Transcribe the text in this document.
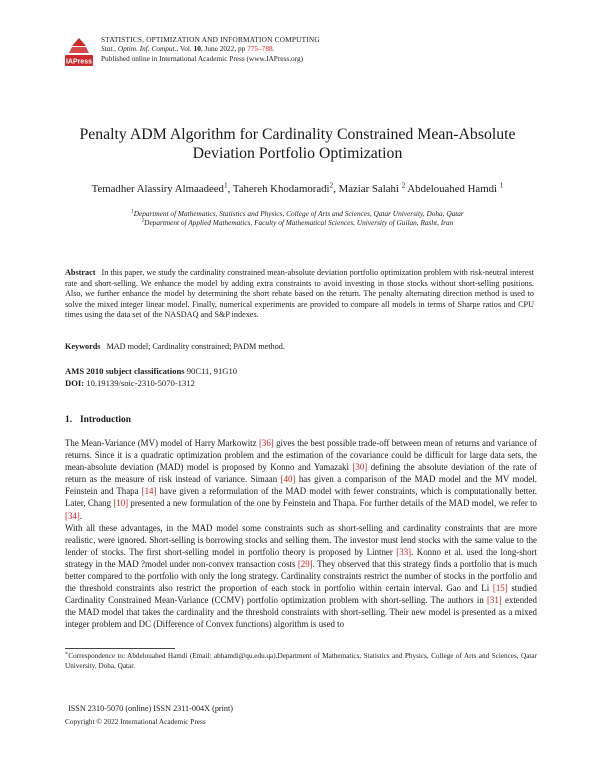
IAPress
STATISTICS, OPTIMIZATION AND INFORMATION COMPUTING
Stat., Optim. Inf. Comput., Vol. 10, June 2022, pp 775–788.
Published online in International Academic Press (www.IAPress.org)
Penalty ADM Algorithm for Cardinality Constrained Mean-Absolute
Deviation Portfolio Optimization
Temadher Alassiry Almaadeed$^1$, Tahereh Khodamoradi$^2$, Maziar Salahi $^2$ Abdelouahed Hamdi $^1$
$^1$Department of Mathematics, Statistics and Physics, College of Arts and Sciences, Qatar University, Doha, Qatar
$^2$Department of Applied Mathematics, Faculty of Mathematical Sciences, University of Guilan, Rasht, Iran
Abstract In this paper, we study the cardinality constrained mean-absolute deviation portfolio optimization problem with risk-neutral interest rate and short-selling. We enhance the model by adding extra constraints to avoid investing in those stocks without short-selling positions. Also, we further enhance the model by determining the short rebate based on the return. The penalty alternating direction method is used to solve the mixed integer linear model. Finally, numerical experiments are provided to compare all models in terms of Sharpe ratios and CPU times using the data set of the NASDAQ and S&P indexes.
Keywords MAD model; Cardinality constrained; PADM method.
AMS 2010 subject classifications 90C11, 91G10
DOI: 10.19139/soic-2310-5070-1312
1. Introduction

The Mean-Variance (MV) model of Harry Markowitz [36] gives the best possible trade-off between mean of returns and variance of returns. Since it is a quadratic optimization problem and the estimation of the covariance could be difficult for large data sets, the mean-absolute deviation (MAD) model is proposed by Konno and Yamazaki [30] defining the absolute deviation of the rate of return as the measure of risk instead of variance. Simaan [40] has given a comparison of the MAD model and the MV model. Feinstein and Thapa [14] have given a reformulation of the MAD model with fewer constraints, which is computationally better. Later, Chang [10] presented a new formulation of the one by Feinstein and Thapa. For further details of the MAD model, we refer to [34].

With all these advantages, in the MAD model some constraints such as short-selling and cardinality constraints that are more realistic, were ignored. Short-selling is borrowing stocks and selling them. The investor must lend stocks with the same value to the lender of stocks. The first short-selling model in portfolio theory is proposed by Lintner [33]. Konno et al. used the long-short strategy in the MAD ?model under non-convex transaction costs [29]. They observed that this strategy finds a portfolio that is much better compared to the portfolio with only the long strategy. Cardinality constraints restrict the number of stocks in the portfolio and the threshold constraints also restrict the proportion of each stock in portfolio within certain interval. Gao and Li [15] studied Cardinality Constrained Mean-Variance (CCMV) portfolio optimization problem with short-selling. The authors in [31] extended the MAD model that takes the cardinality and the threshold constraints with short-selling. Their new model is presented as a mixed integer problem and DC (Difference of Convex functions) algorithm is used to

∗Correspondence to: Abdelouahed Hamdi (Email: abhamdi@qu.edu.qa).Department of Mathematics, Statistics and Physics, College of Arts and Sciences, Qatar University, Doha, Qatar.
ISSN 2310-5070 (online) ISSN 2311-004X (print)
Copyright © 2022 International Academic Press
